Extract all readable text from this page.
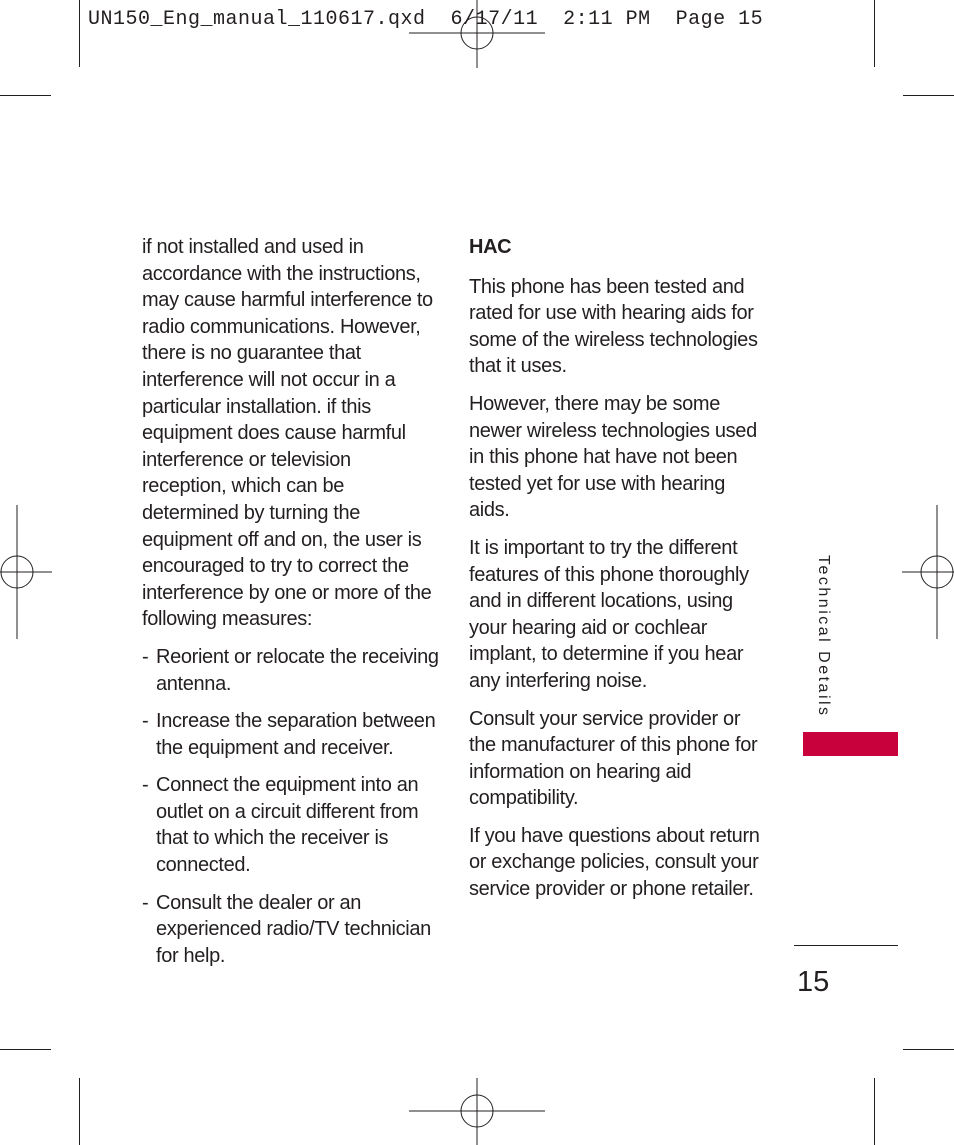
UN150_Eng_manual_110617.qxd  6/17/11  2:11 PM  Page 15

if not installed and used in accordance with the instructions, may cause harmful interference to radio communications. However, there is no guarantee that interference will not occur in a particular installation. if this equipment does cause harmful interference or television reception, which can be determined by turning the equipment off and on, the user is encouraged to try to correct the interference by one or more of the following measures:

- Reorient or relocate the receiving antenna.

- Increase the separation between the equipment and receiver.

- Connect the equipment into an outlet on a circuit different from that to which the receiver is connected.

- Consult the dealer or an experienced radio/TV technician for help.

HAC

This phone has been tested and rated for use with hearing aids for some of the wireless technologies that it uses.

However, there may be some newer wireless technologies used in this phone hat have not been tested yet for use with hearing aids.

It is important to try the different features of this phone thoroughly and in different locations, using your hearing aid or cochlear implant, to determine if you hear any interfering noise.

Consult your service provider or the manufacturer of this phone for information on hearing aid compatibility.

If you have questions about return or exchange policies, consult your service provider or phone retailer.

Technical Details
15
